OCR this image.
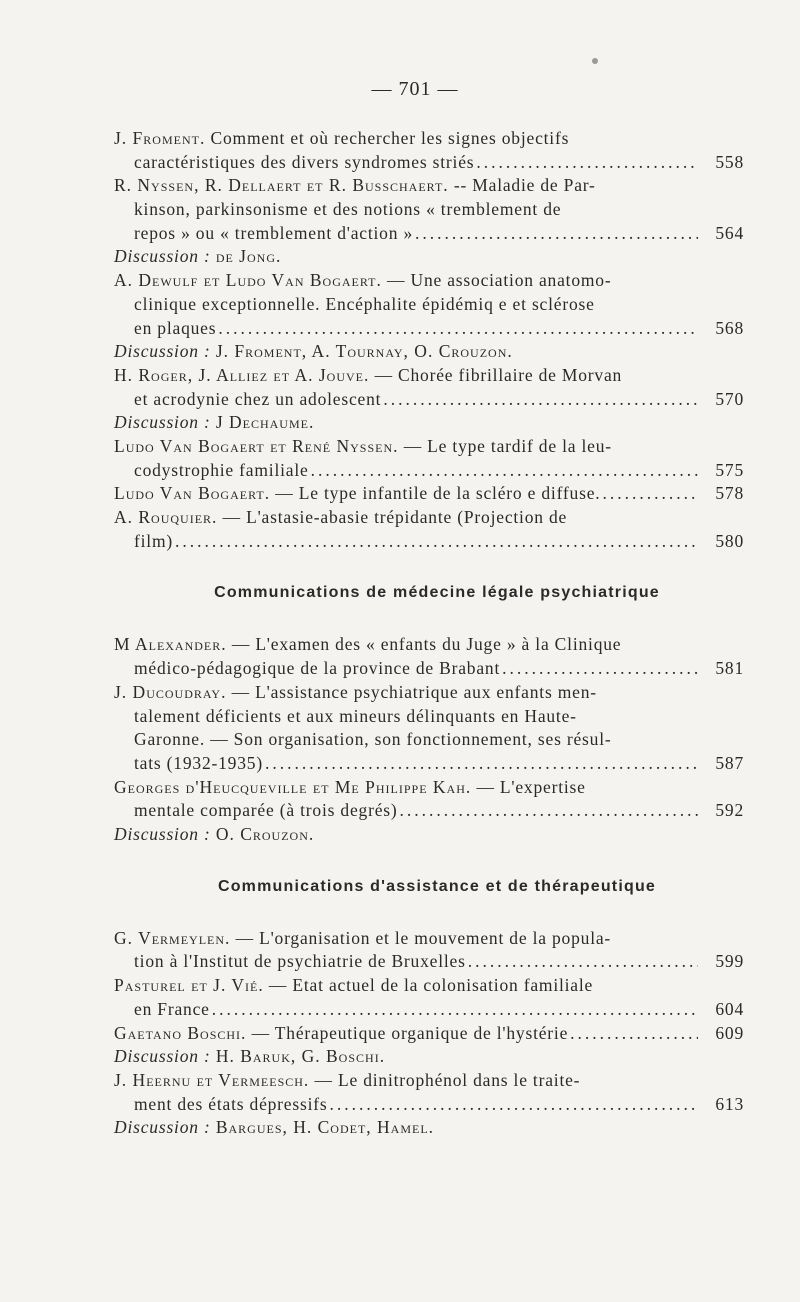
— 701 —
J. Froment. Comment et où rechercher les signes objectifs
caractéristiques des divers syndromes striés .....	558
R. Nyssen, R. Dellaert et R. Busschaert. -- Maladie de Par-
kinson, parkinsonisme et des notions « tremblement de
repos » ou « tremblement d'action » .....	564
Discussion : de Jong.
A. Dewulf et Ludo Van Bogaert. — Une association anatomo-
clinique exceptionnelle. Encéphalite épidémiq e et sclérose
en plaques .....	568
Discussion : J. Froment, A. Tournay, O. Crouzon.
H. Roger, J. Alliez et A. Jouve. — Chorée fibrillaire de Morvan
et acrodynie chez un adolescent .....	570
Discussion : J Dechaume.
Ludo Van Bogaert et René Nyssen. — Le type tardif de la leu-
codystrophie familiale .....	575
Ludo Van Bogaert. — Le type infantile de la scléro e diffuse. .....	578
A. Rouquier. — L'astasie-abasie trépidante (Projection de
film) .....	580
Communications de médecine légale psychiatrique
M Alexander. — L'examen des « enfants du Juge » à la Clinique
médico-pédagogique de la province de Brabant .....	581
J. Ducoudray. — L'assistance psychiatrique aux enfants men-
talement déficients et aux mineurs délinquants en Haute-
Garonne. — Son organisation, son fonctionnement, ses résul-
tats (1932-1935) .....	587
Georges d'Heucqueville et Me Philippe Kah. — L'expertise
mentale comparée (à trois degrés) .....	592
Discussion : O. Crouzon.
Communications d'assistance et de thérapeutique
G. Vermeylen. — L'organisation et le mouvement de la popula-
tion à l'Institut de psychiatrie de Bruxelles .....	599
Pasturel et J. Vié. — Etat actuel de la colonisation familiale
en France .....	604
Gaetano Boschi. — Thérapeutique organique de l'hystérie .....	609
Discussion : H. Baruk, G. Boschi.
J. Heernu et Vermeesch. — Le dinitrophénol dans le traite-
ment des états dépressifs .....	613
Discussion : Bargues, H. Codet, Hamel.
